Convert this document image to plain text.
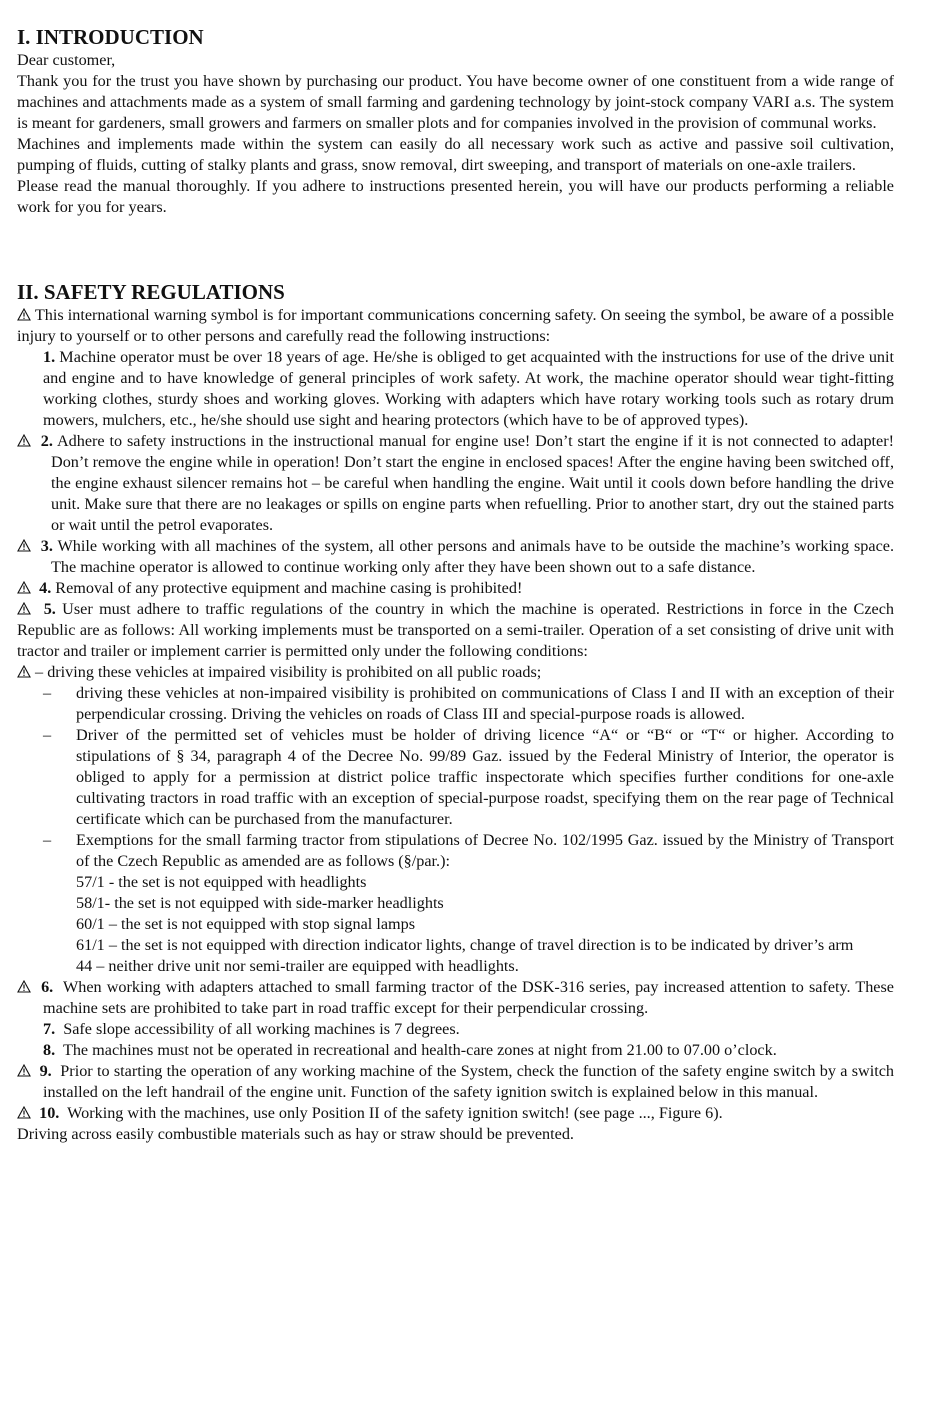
I. INTRODUCTION

Dear customer,

Thank you for the trust you have shown by purchasing our product. You have become owner of one constituent from a wide range of machines and attachments made as a system of small farming and gardening technology by joint-stock company VARI a.s. The system is meant for gardeners, small growers and farmers on smaller plots and for companies involved in the provision of communal works.

Machines and implements made within the system can easily do all necessary work such as active and passive soil cultivation, pumping of fluids, cutting of stalky plants and grass, snow removal, dirt sweeping, and transport of materials on one-axle trailers.

Please read the manual thoroughly. If you adhere to instructions presented herein, you will have our products performing a reliable work for you for years.

II. SAFETY REGULATIONS

This international warning symbol is for important communications concerning safety. On seeing the symbol, be aware of a possible injury to yourself or to other persons and carefully read the following instructions:

1. Machine operator must be over 18 years of age. He/she is obliged to get acquainted with the instructions for use of the drive unit and engine and to have knowledge of general principles of work safety. At work, the machine operator should wear tight-fitting working clothes, sturdy shoes and working gloves. Working with adapters which have rotary working tools such as rotary drum mowers, mulchers, etc., he/she should use sight and hearing protectors (which have to be of approved types).

2. Adhere to safety instructions in the instructional manual for engine use! Don’t start the engine if it is not connected to adapter! Don’t remove the engine while in operation! Don’t start the engine in enclosed spaces! After the engine having been switched off, the engine exhaust silencer remains hot – be careful when handling the engine. Wait until it cools down before handling the drive unit. Make sure that there are no leakages or spills on engine parts when refuelling. Prior to another start, dry out the stained parts or wait until the petrol evaporates.

3. While working with all machines of the system, all other persons and animals have to be outside the machine’s working space. The machine operator is allowed to continue working only after they have been shown out to a safe distance.

4. Removal of any protective equipment and machine casing is prohibited!

5. User must adhere to traffic regulations of the country in which the machine is operated. Restrictions in force in the Czech Republic are as follows: All working implements must be transported on a semi-trailer. Operation of a set consisting of drive unit with tractor and trailer or implement carrier is permitted only under the following conditions:

– driving these vehicles at impaired visibility is prohibited on all public roads;

– driving these vehicles at non-impaired visibility is prohibited on communications of Class I and II with an exception of their perpendicular crossing. Driving the vehicles on roads of Class III and special-purpose roads is allowed.

– Driver of the permitted set of vehicles must be holder of driving licence “A“ or “B“ or “T“ or higher. According to stipulations of § 34, paragraph 4 of the Decree No. 99/89 Gaz. issued by the Federal Ministry of Interior, the operator is obliged to apply for a permission at district police traffic inspectorate which specifies further conditions for one-axle cultivating tractors in road traffic with an exception of special-purpose roadst, specifying them on the rear page of Technical certificate which can be purchased from the manufacturer.

– Exemptions for the small farming tractor from stipulations of Decree No. 102/1995 Gaz. issued by the Ministry of Transport of the Czech Republic as amended are as follows (§/par.):

57/1 - the set is not equipped with headlights

58/1- the set is not equipped with side-marker headlights

60/1 – the set is not equipped with stop signal lamps

61/1 – the set is not equipped with direction indicator lights, change of travel direction is to be indicated by driver’s arm

44 – neither drive unit nor semi-trailer are equipped with headlights.

6. When working with adapters attached to small farming tractor of the DSK-316 series, pay increased attention to safety. These machine sets are prohibited to take part in road traffic except for their perpendicular crossing.

7. Safe slope accessibility of all working machines is 7 degrees.

8. The machines must not be operated in recreational and health-care zones at night from 21.00 to 07.00 o’clock.

9. Prior to starting the operation of any working machine of the System, check the function of the safety engine switch by a switch installed on the left handrail of the engine unit. Function of the safety ignition switch is explained below in this manual.

10. Working with the machines, use only Position II of the safety ignition switch! (see page ..., Figure 6).

Driving across easily combustible materials such as hay or straw should be prevented.
